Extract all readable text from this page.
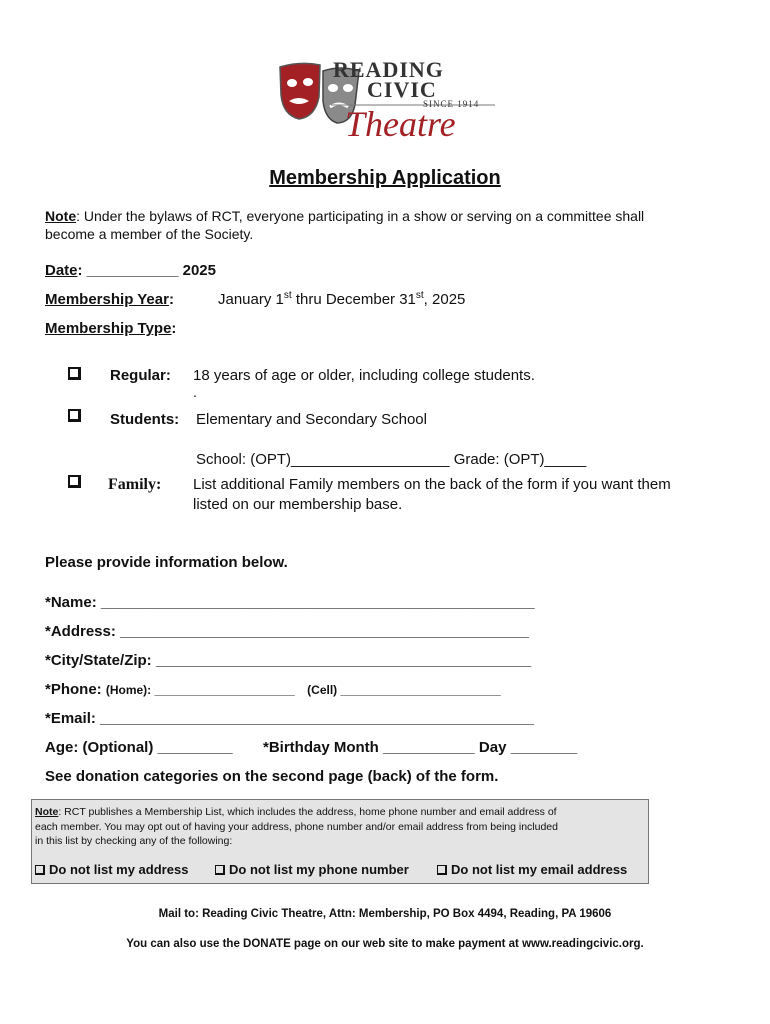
READING
CIVIC
SINCE 1914
Theatre
Membership Application
Note: Under the bylaws of RCT, everyone participating in a show or serving on a committee shall
become a member of the Society.
Date: ___________ 2025
Membership Year:	January 1st thru December 31st, 2025
Membership Type:
Regular: 18 years of age or older, including college students.
.
Students: Elementary and Secondary School
School: (OPT)___________________ Grade: (OPT)_____
Family: List additional Family members on the back of the form if you want them
listed on our membership base.
Please provide information below.
*Name: ____________________________________________________
*Address: _________________________________________________
*City/State/Zip: _____________________________________________
*Phone: (Home): _____________________ (Cell) ________________________
*Email: ____________________________________________________
Age: (Optional) _________ *Birthday Month ___________ Day ________
See donation categories on the second page (back) of the form.
Note: RCT publishes a Membership List, which includes the address, home phone number and email address of
each member. You may opt out of having your address, phone number and/or email address from being included
in this list by checking any of the following:
Do not list my address	Do not list my phone number	Do not list my email address
Mail to: Reading Civic Theatre, Attn: Membership, PO Box 4494, Reading, PA 19606
You can also use the DONATE page on our web site to make payment at www.readingcivic.org.
